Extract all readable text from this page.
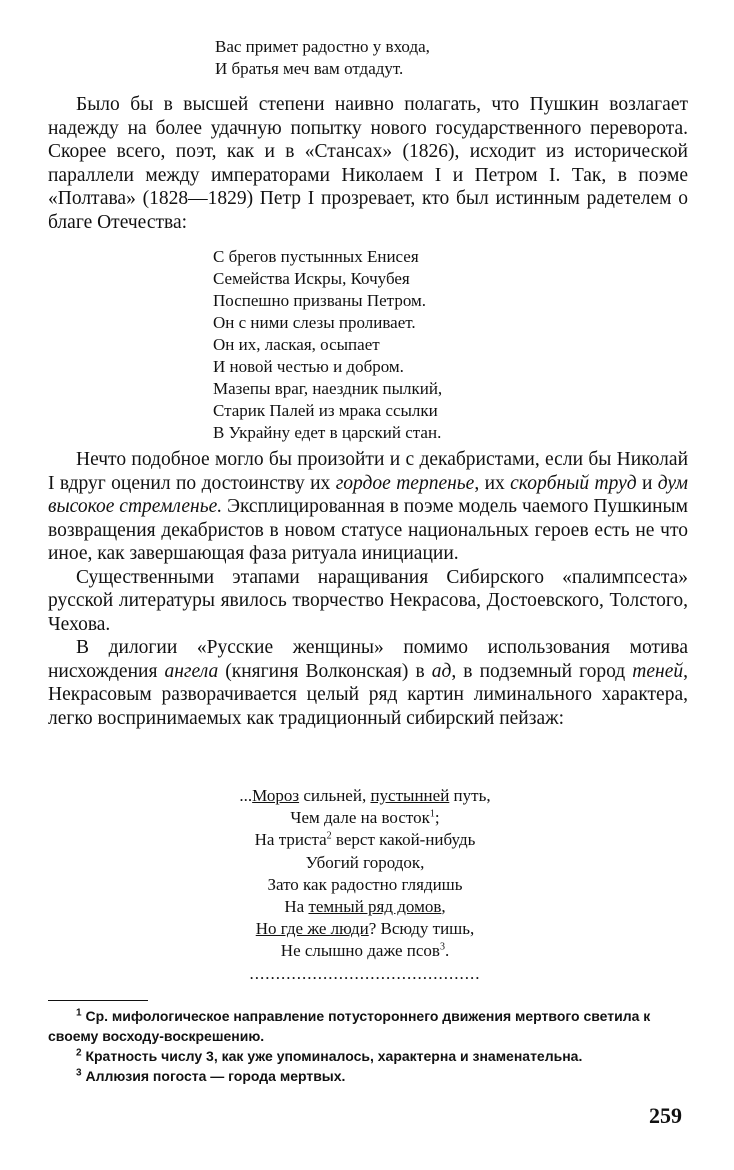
Вас примет радостно у входа,
И братья меч вам отдадут.

Было бы в высшей степени наивно полагать, что Пушкин возлагает надежду на более удачную попытку нового государственного переворота. Скорее всего, поэт, как и в «Стансах» (1826), исходит из исторической параллели между императорами Николаем I и Петром I. Так, в поэме «Полтава» (1828—1829) Петр I прозревает, кто был истинным радетелем о благе Отечества:

С брегов пустынных Енисея
Семейства Искры, Кочубея
Поспешно призваны Петром.
Он с ними слезы проливает.
Он их, лаская, осыпает
И новой честью и добром.
Мазепы враг, наездник пылкий,
Старик Палей из мрака ссылки
В Украйну едет в царский стан.

Нечто подобное могло бы произойти и с декабристами, если бы Николай I вдруг оценил по достоинству их гордое терпенье, их скорбный труд и дум высокое стремленье. Эксплицированная в поэме модель чаемого Пушкиным возвращения декабристов в новом статусе национальных героев есть не что иное, как завершающая фаза ритуала инициации.

Существенными этапами наращивания Сибирского «палимпсеста» русской литературы явилось творчество Некрасова, Достоевского, Толстого, Чехова.

В дилогии «Русские женщины» помимо использования мотива нисхождения ангела (княгиня Волконская) в ад, в подземный город теней, Некрасовым разворачивается целый ряд картин лиминального характера, легко воспринимаемых как традиционный сибирский пейзаж:

...Мороз сильней, пустынней путь,
Чем дале на восток$^1$;
На триста$^2$ верст какой-нибудь
Убогий городок,
Зато как радостно глядишь
На темный ряд домов,
Но где же люди? Всюду тишь,
Не слышно даже псов$^3$.
............................................

$^1$ Ср. мифологическое направление потустороннего движения мертвого светила к своему восходу-воскрешению.

$^2$ Кратность числу 3, как уже упоминалось, характерна и знаменательна.

$^3$ Аллюзия погоста — города мертвых.

259
